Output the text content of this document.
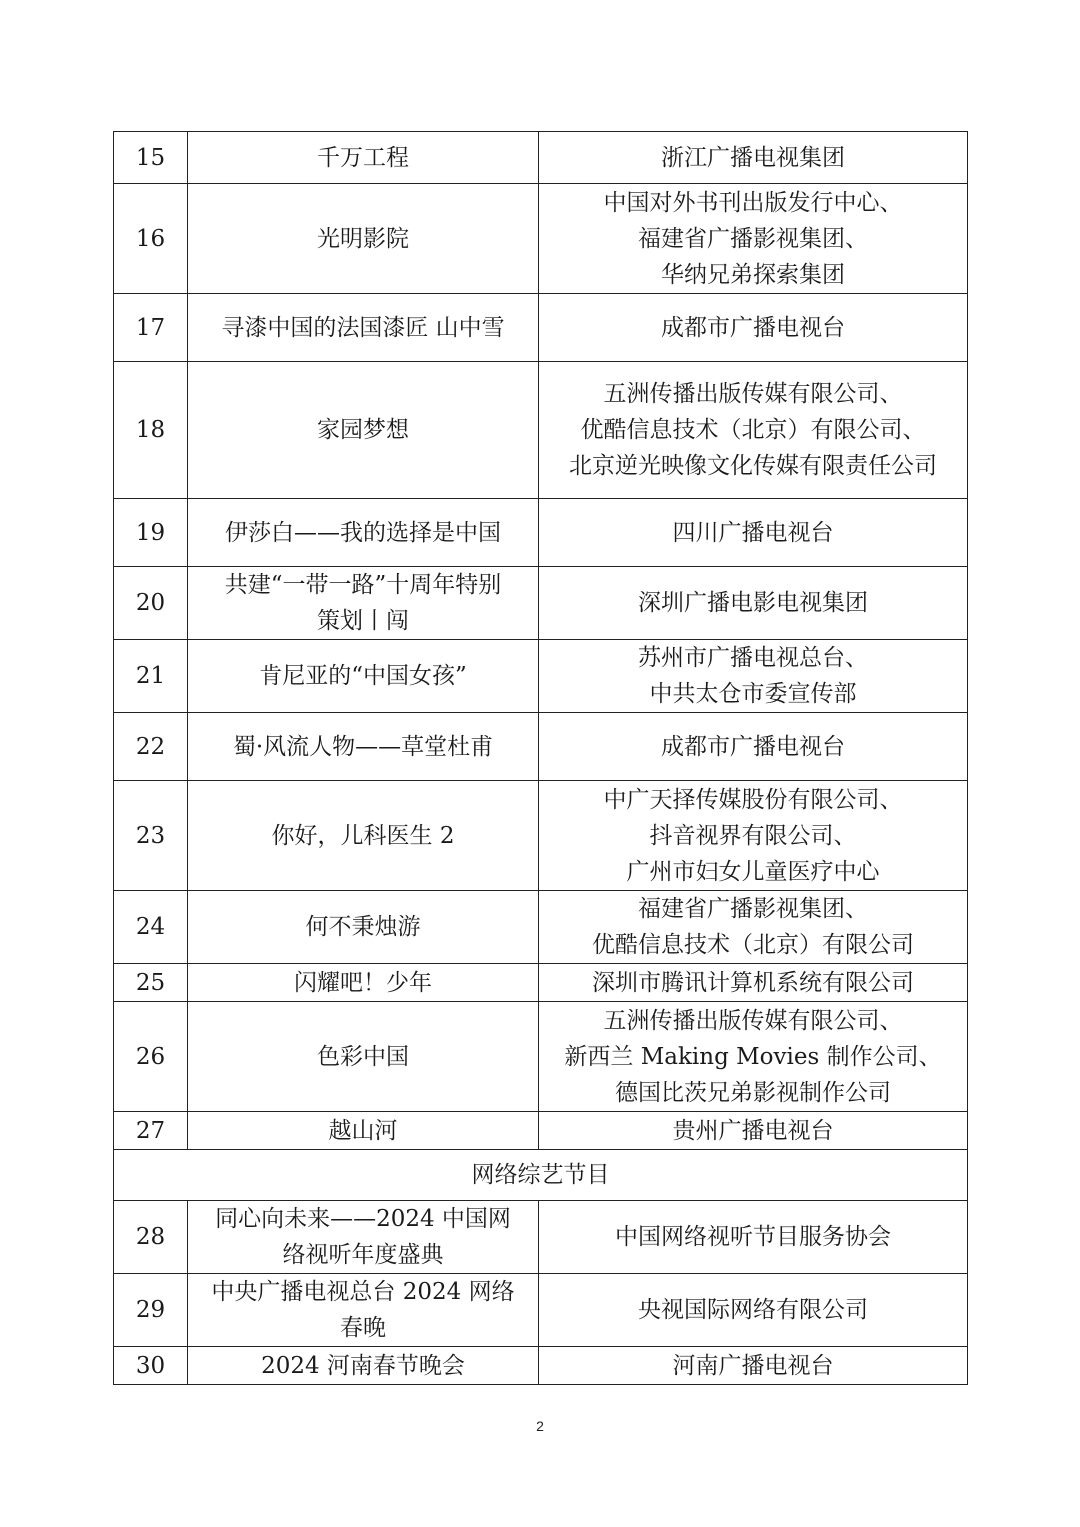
15	千万工程	浙江广播电视集团

16	光明影院	中国对外书刊出版发行中心、
福建省广播影视集团、
华纳兄弟探索集团

17	寻漆中国的法国漆匠 山中雪	成都市广播电视台

18	家园梦想	五洲传播出版传媒有限公司、
优酷信息技术（北京）有限公司、
北京逆光映像文化传媒有限责任公司

19	伊莎白——我的选择是中国	四川广播电视台

20	共建“一带一路”十周年特别
策划丨闯	深圳广播电影电视集团

21	肯尼亚的“中国女孩”	苏州市广播电视总台、
中共太仓市委宣传部

22	蜀·风流人物——草堂杜甫	成都市广播电视台

23	你好，儿科医生 2	中广天择传媒股份有限公司、
抖音视界有限公司、
广州市妇女儿童医疗中心

24	何不秉烛游	福建省广播影视集团、
优酷信息技术（北京）有限公司

25	闪耀吧！少年	深圳市腾讯计算机系统有限公司

26	色彩中国	五洲传播出版传媒有限公司、
新西兰 Making Movies 制作公司、
德国比茨兄弟影视制作公司

27	越山河	贵州广播电视台

网络综艺节目		
28	同心向未来——2024 中国网
络视听年度盛典	中国网络视听节目服务协会

29	中央广播电视总台 2024 网络
春晚	央视国际网络有限公司

30	2024 河南春节晚会	河南广播电视台
2
